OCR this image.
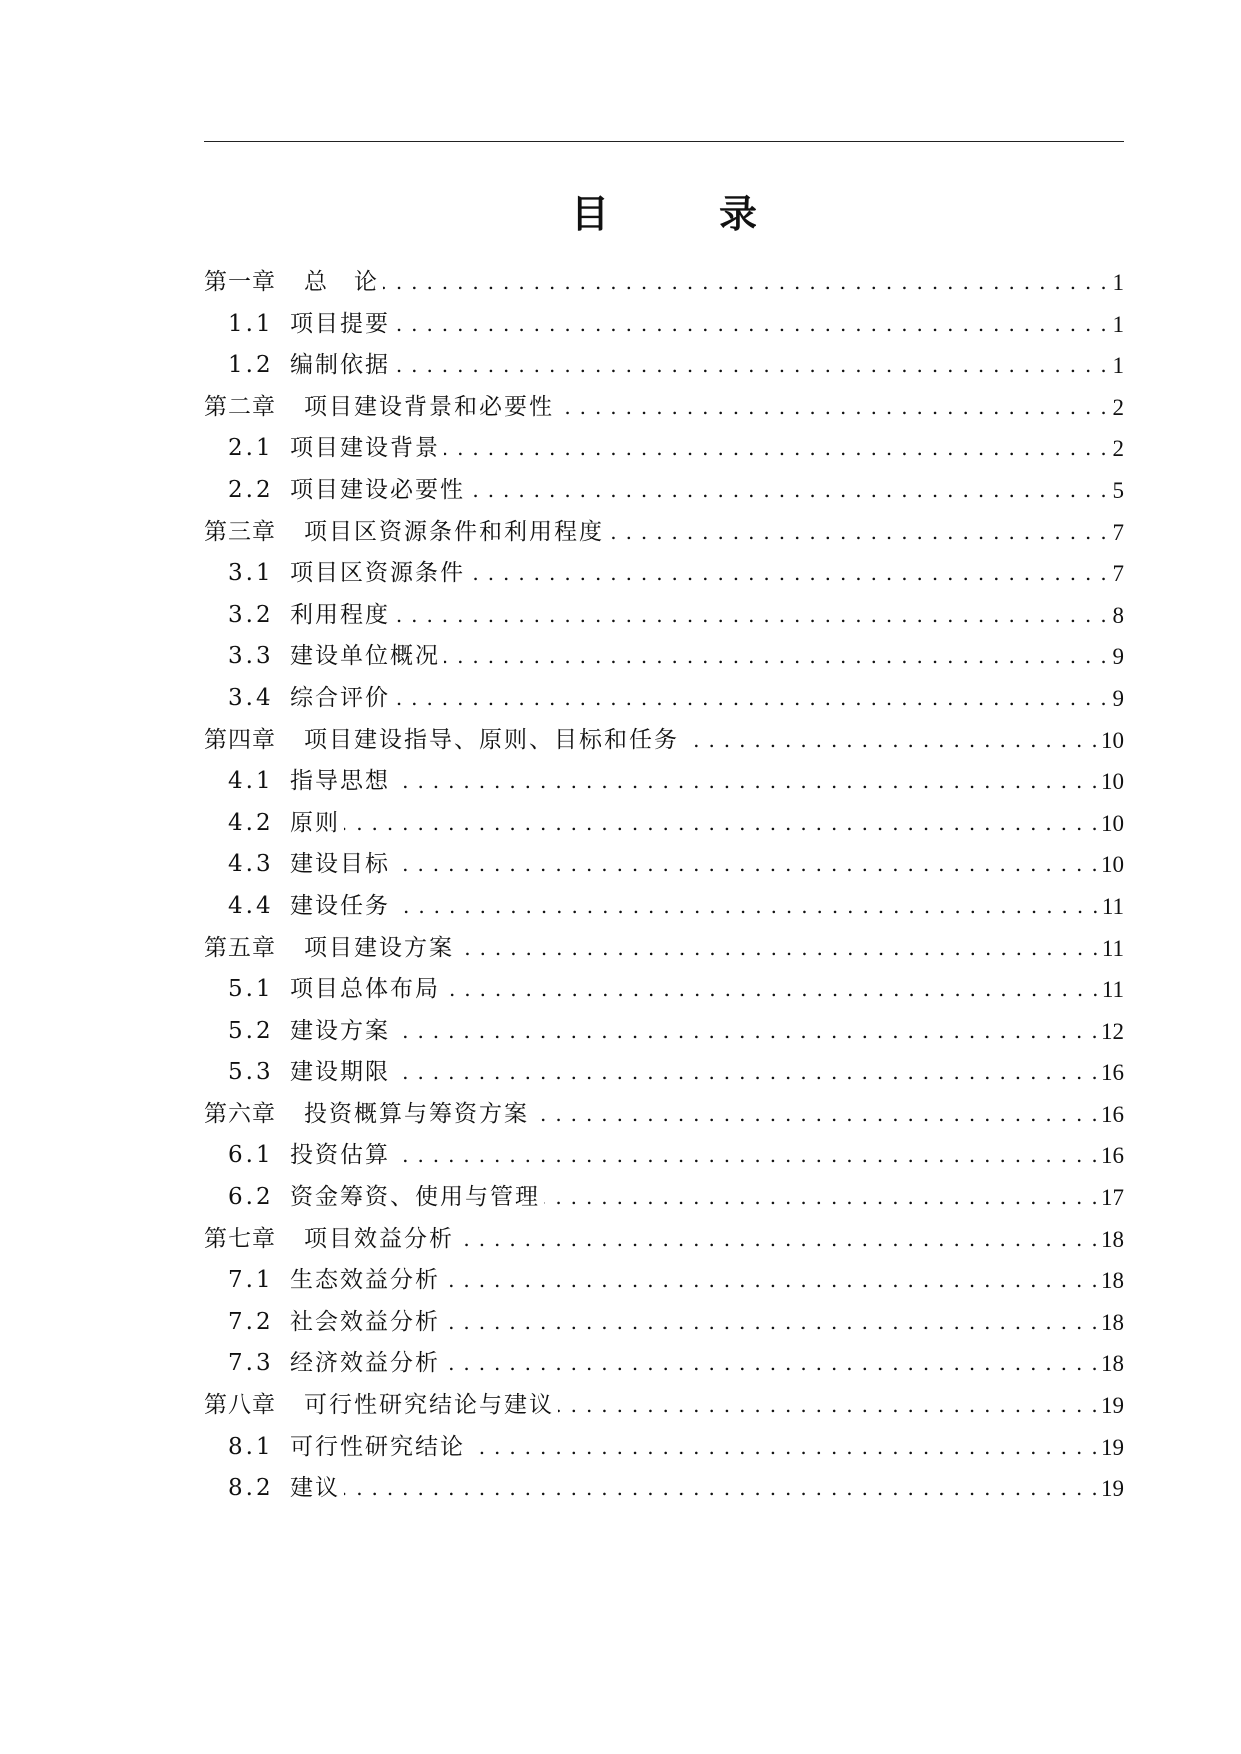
目	录
第一章	总　论 . . .	1
1.1 项目提要 . . .	1
1.2 编制依据 . . .	1
第二章	项目建设背景和必要性 . . .	2
2.1 项目建设背景 . . .	2
2.2 项目建设必要性 . . .	5
第三章	项目区资源条件和利用程度 . . .	7
3.1 项目区资源条件 . . .	7
3.2 利用程度 . . .	8
3.3 建设单位概况 . . .	9
3.4 综合评价 . . .	9
第四章	项目建设指导、原则、目标和任务 . . .	10
4.1 指导思想 . . .	10
4.2 原则 . . .	10
4.3 建设目标 . . .	10
4.4 建设任务 . . .	11
第五章	项目建设方案 . . .	11
5.1 项目总体布局 . . .	11
5.2 建设方案 . . .	12
5.3 建设期限 . . .	16
第六章	投资概算与筹资方案 . . .	16
6.1 投资估算 . . .	16
6.2 资金筹资、使用与管理 . . .	17
第七章	项目效益分析 . . .	18
7.1 生态效益分析 . . .	18
7.2 社会效益分析 . . .	18
7.3 经济效益分析 . . .	18
第八章	可行性研究结论与建议 . . .	19
8.1 可行性研究结论 . . .	19
8.2 建议 . . .	19
